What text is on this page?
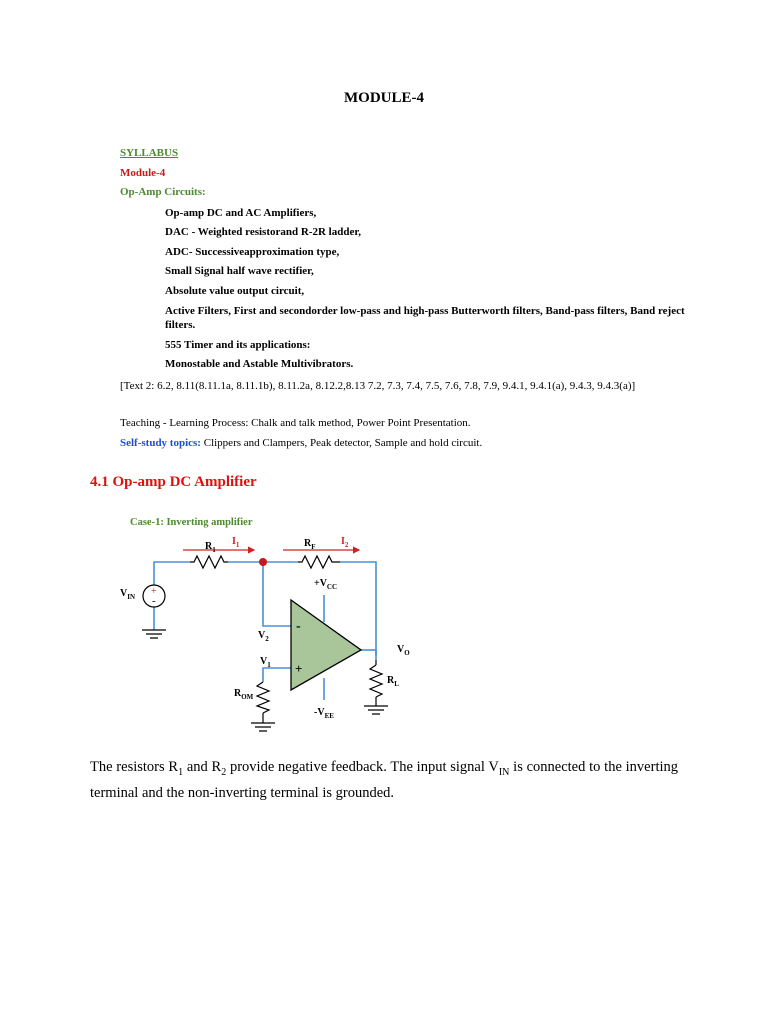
MODULE-4
SYLLABUS
Module-4
Op-Amp Circuits:
Op-amp DC and AC Amplifiers,
DAC - Weighted resistorand R-2R ladder,
ADC- Successiveapproximation type,
Small Signal half wave rectifier,
Absolute value output circuit,
Active Filters, First and secondorder low-pass and high-pass Butterworth filters, Band-pass filters, Band reject filters.
555 Timer and its applications:
Monostable and Astable Multivibrators.
[Text 2: 6.2, 8.11(8.11.1a, 8.11.1b), 8.11.2a, 8.12.2,8.13 7.2, 7.3, 7.4, 7.5, 7.6, 7.8, 7.9, 9.4.1, 9.4.1(a), 9.4.3, 9.4.3(a)]
Teaching - Learning Process: Chalk and talk method, Power Point Presentation.
Self-study topics: Clippers and Clampers, Peak detector, Sample and hold circuit.
4.1 Op-amp DC Amplifier
Case-1: Inverting amplifier
+
-
-
+
$R_1$
$I_1$	$R_F$	$I_2$
$V_{IN}$
$+V_{CC}$
$V_2$
$V_1$
$V_O$
$R_L$
$R_{OM}$
$-V_{EE}$
The resistors $R_1$ and $R_2$ provide negative feedback. The input signal $V_{IN}$ is connected to the inverting terminal and the non-inverting terminal is grounded.
